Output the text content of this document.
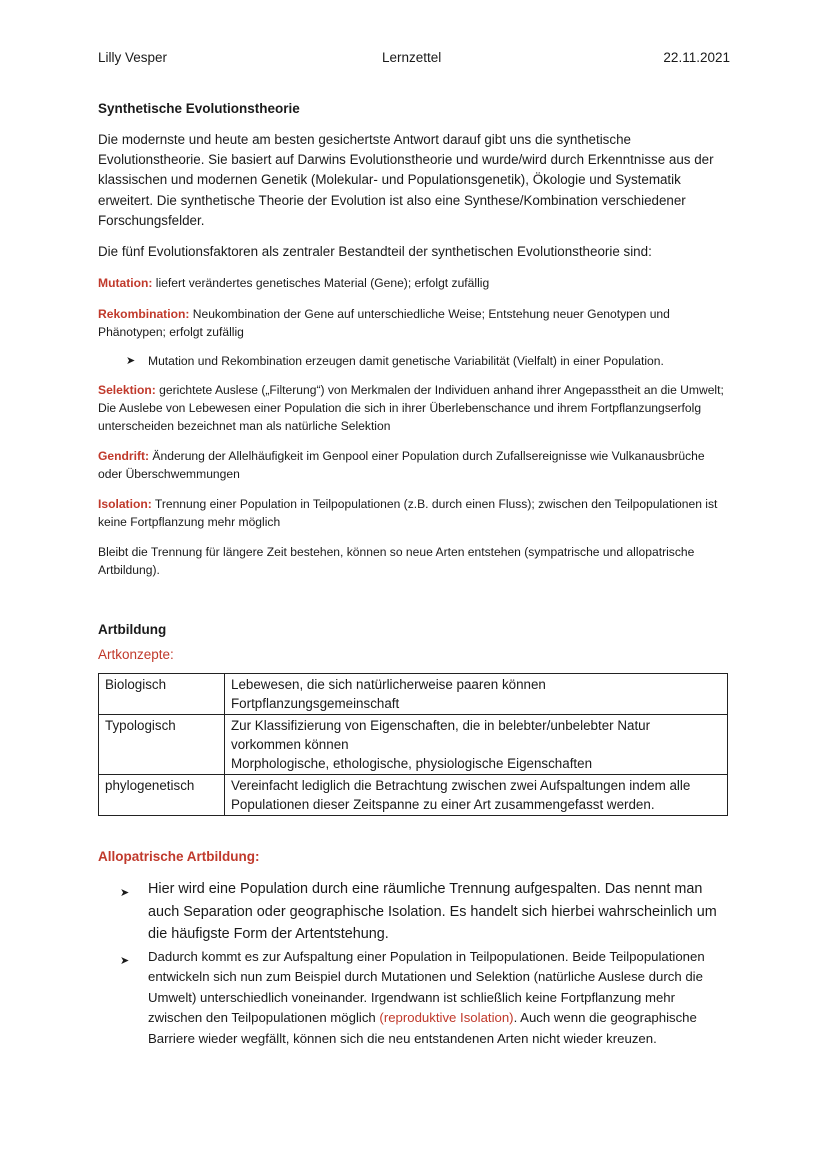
Lilly Vesper	Lernzettel	22.11.2021
Synthetische Evolutionstheorie

Die modernste und heute am besten gesichertste Antwort darauf gibt uns die synthetische Evolutionstheorie. Sie basiert auf Darwins Evolutionstheorie und wurde/wird durch Erkenntnisse aus der klassischen und modernen Genetik (Molekular- und Populationsgenetik), Ökologie und Systematik erweitert. Die synthetische Theorie der Evolution ist also eine Synthese/Kombination verschiedener Forschungsfelder.

Die fünf Evolutionsfaktoren als zentraler Bestandteil der synthetischen Evolutionstheorie sind:

Mutation: liefert verändertes genetisches Material (Gene); erfolgt zufällig

Rekombination: Neukombination der Gene auf unterschiedliche Weise; Entstehung neuer Genotypen und Phänotypen; erfolgt zufällig

➤	Mutation und Rekombination erzeugen damit genetische Variabilität (Vielfalt) in einer Population.

Selektion: gerichtete Auslese („Filterung“) von Merkmalen der Individuen anhand ihrer Angepasstheit an die Umwelt; Die Auslebe von Lebewesen einer Population die sich in ihrer Überlebenschance und ihrem Fortpflanzungserfolg unterscheiden bezeichnet man als natürliche Selektion

Gendrift: Änderung der Allelhäufigkeit im Genpool einer Population durch Zufallsereignisse wie Vulkanausbrüche oder Überschwemmungen

Isolation: Trennung einer Population in Teilpopulationen (z.B. durch einen Fluss); zwischen den Teilpopulationen ist keine Fortpflanzung mehr möglich

Bleibt die Trennung für längere Zeit bestehen, können so neue Arten entstehen (sympatrische und allopatrische Artbildung).

Artbildung

Artkonzepte:

Biologisch	Lebewesen, die sich natürlicherweise paaren können
Fortpflanzungsgemeinschaft

Typologisch	Zur Klassifizierung von Eigenschaften, die in belebter/unbelebter Natur vorkommen können
Morphologische, ethologische, physiologische Eigenschaften

phylogenetisch	Vereinfacht lediglich die Betrachtung zwischen zwei Aufspaltungen indem alle Populationen dieser Zeitspanne zu einer Art zusammengefasst werden.

Allopatrische Artbildung:

➤	Hier wird eine Population durch eine räumliche Trennung aufgespalten. Das nennt man auch Separation oder geographische Isolation. Es handelt sich hierbei wahrscheinlich um die häufigste Form der Artentstehung.
➤	Dadurch kommt es zur Aufspaltung einer Population in Teilpopulationen. Beide Teilpopulationen entwickeln sich nun zum Beispiel durch Mutationen und Selektion (natürliche Auslese durch die Umwelt) unterschiedlich voneinander. Irgendwann ist schließlich keine Fortpflanzung mehr zwischen den Teilpopulationen möglich (reproduktive Isolation). Auch wenn die geographische Barriere wieder wegfällt, können sich die neu entstandenen Arten nicht wieder kreuzen.
